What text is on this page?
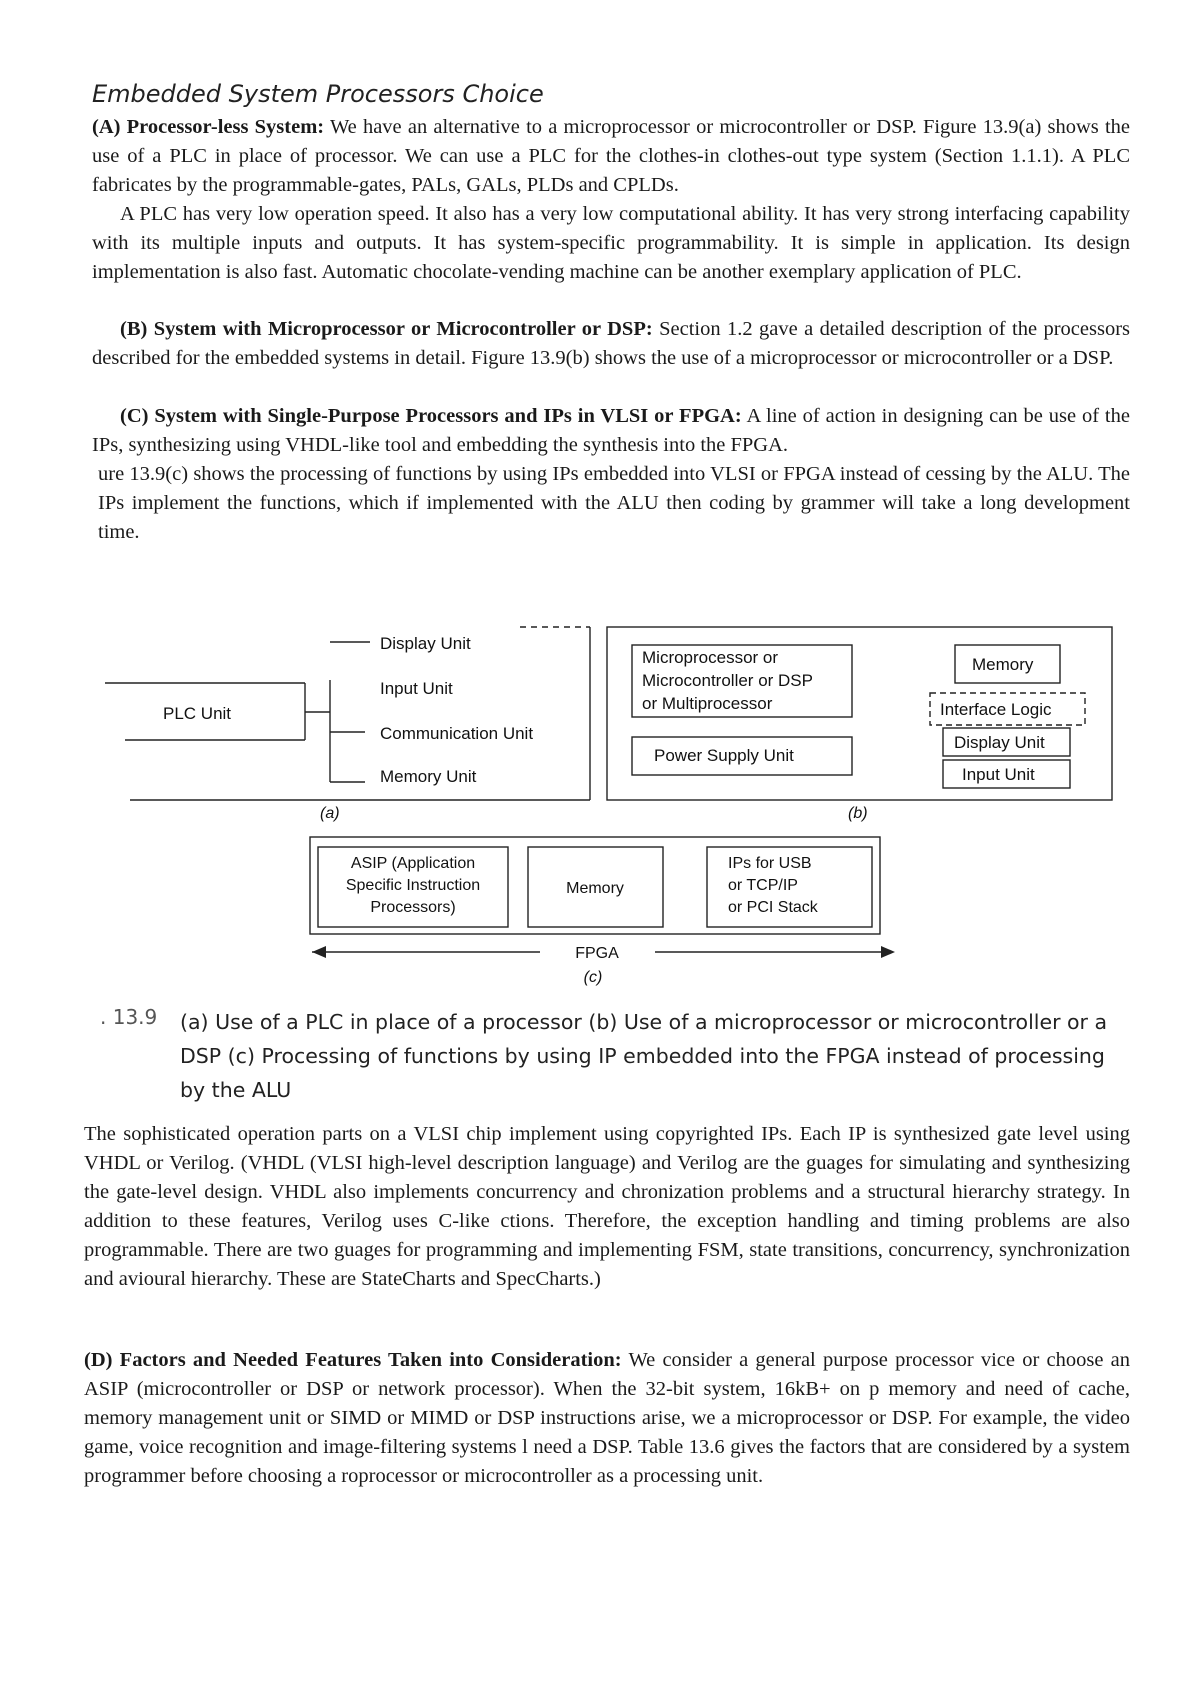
Embedded System Processors Choice

(A) Processor-less System: We have an alternative to a microprocessor or microcontroller or DSP. Figure 13.9(a) shows the use of a PLC in place of processor. We can use a PLC for the clothes-in clothes-out type system (Section 1.1.1). A PLC fabricates by the programmable-gates, PALs, GALs, PLDs and CPLDs.

A PLC has very low operation speed. It also has a very low computational ability. It has very strong interfacing capability with its multiple inputs and outputs. It has system-specific programmability. It is simple in application. Its design implementation is also fast. Automatic chocolate-vending machine can be another exemplary application of PLC.

(B) System with Microprocessor or Microcontroller or DSP: Section 1.2 gave a detailed description of the processors described for the embedded systems in detail. Figure 13.9(b) shows the use of a microprocessor or microcontroller or a DSP.

(C) System with Single-Purpose Processors and IPs in VLSI or FPGA: A line of action in designing can be use of the IPs, synthesizing using VHDL-like tool and embedding the synthesis into the FPGA.

ure 13.9(c) shows the processing of functions by using IPs embedded into VLSI or FPGA instead of cessing by the ALU. The IPs implement the functions, which if implemented with the ALU then coding by grammer will take a long development time.

PLC Unit
Display Unit
Input Unit
Communication Unit
Memory Unit
(a)
Microprocessor or
Microcontroller or DSP
or Multiprocessor
Power Supply Unit
Memory
Interface Logic
Display Unit
Input Unit
(b)
ASIP (Application
Specific Instruction
Processors)
Memory
IPs for USB
or TCP/IP
or PCI Stack
FPGA
(c)
. 13.9 (a) Use of a PLC in place of a processor (b) Use of a microprocessor or microcontroller or a DSP (c) Processing of functions by using IP embedded into the FPGA instead of processing by the ALU

The sophisticated operation parts on a VLSI chip implement using copyrighted IPs. Each IP is synthesized gate level using VHDL or Verilog. (VHDL (VLSI high-level description language) and Verilog are the guages for simulating and synthesizing the gate-level design. VHDL also implements concurrency and chronization problems and a structural hierarchy strategy. In addition to these features, Verilog uses C-like ctions. Therefore, the exception handling and timing problems are also programmable. There are two guages for programming and implementing FSM, state transitions, concurrency, synchronization and avioural hierarchy. These are StateCharts and SpecCharts.)

(D) Factors and Needed Features Taken into Consideration: We consider a general purpose processor vice or choose an ASIP (microcontroller or DSP or network processor). When the 32-bit system, 16kB+ on p memory and need of cache, memory management unit or SIMD or MIMD or DSP instructions arise, we a microprocessor or DSP. For example, the video game, voice recognition and image-filtering systems l need a DSP. Table 13.6 gives the factors that are considered by a system programmer before choosing a roprocessor or microcontroller as a processing unit.
